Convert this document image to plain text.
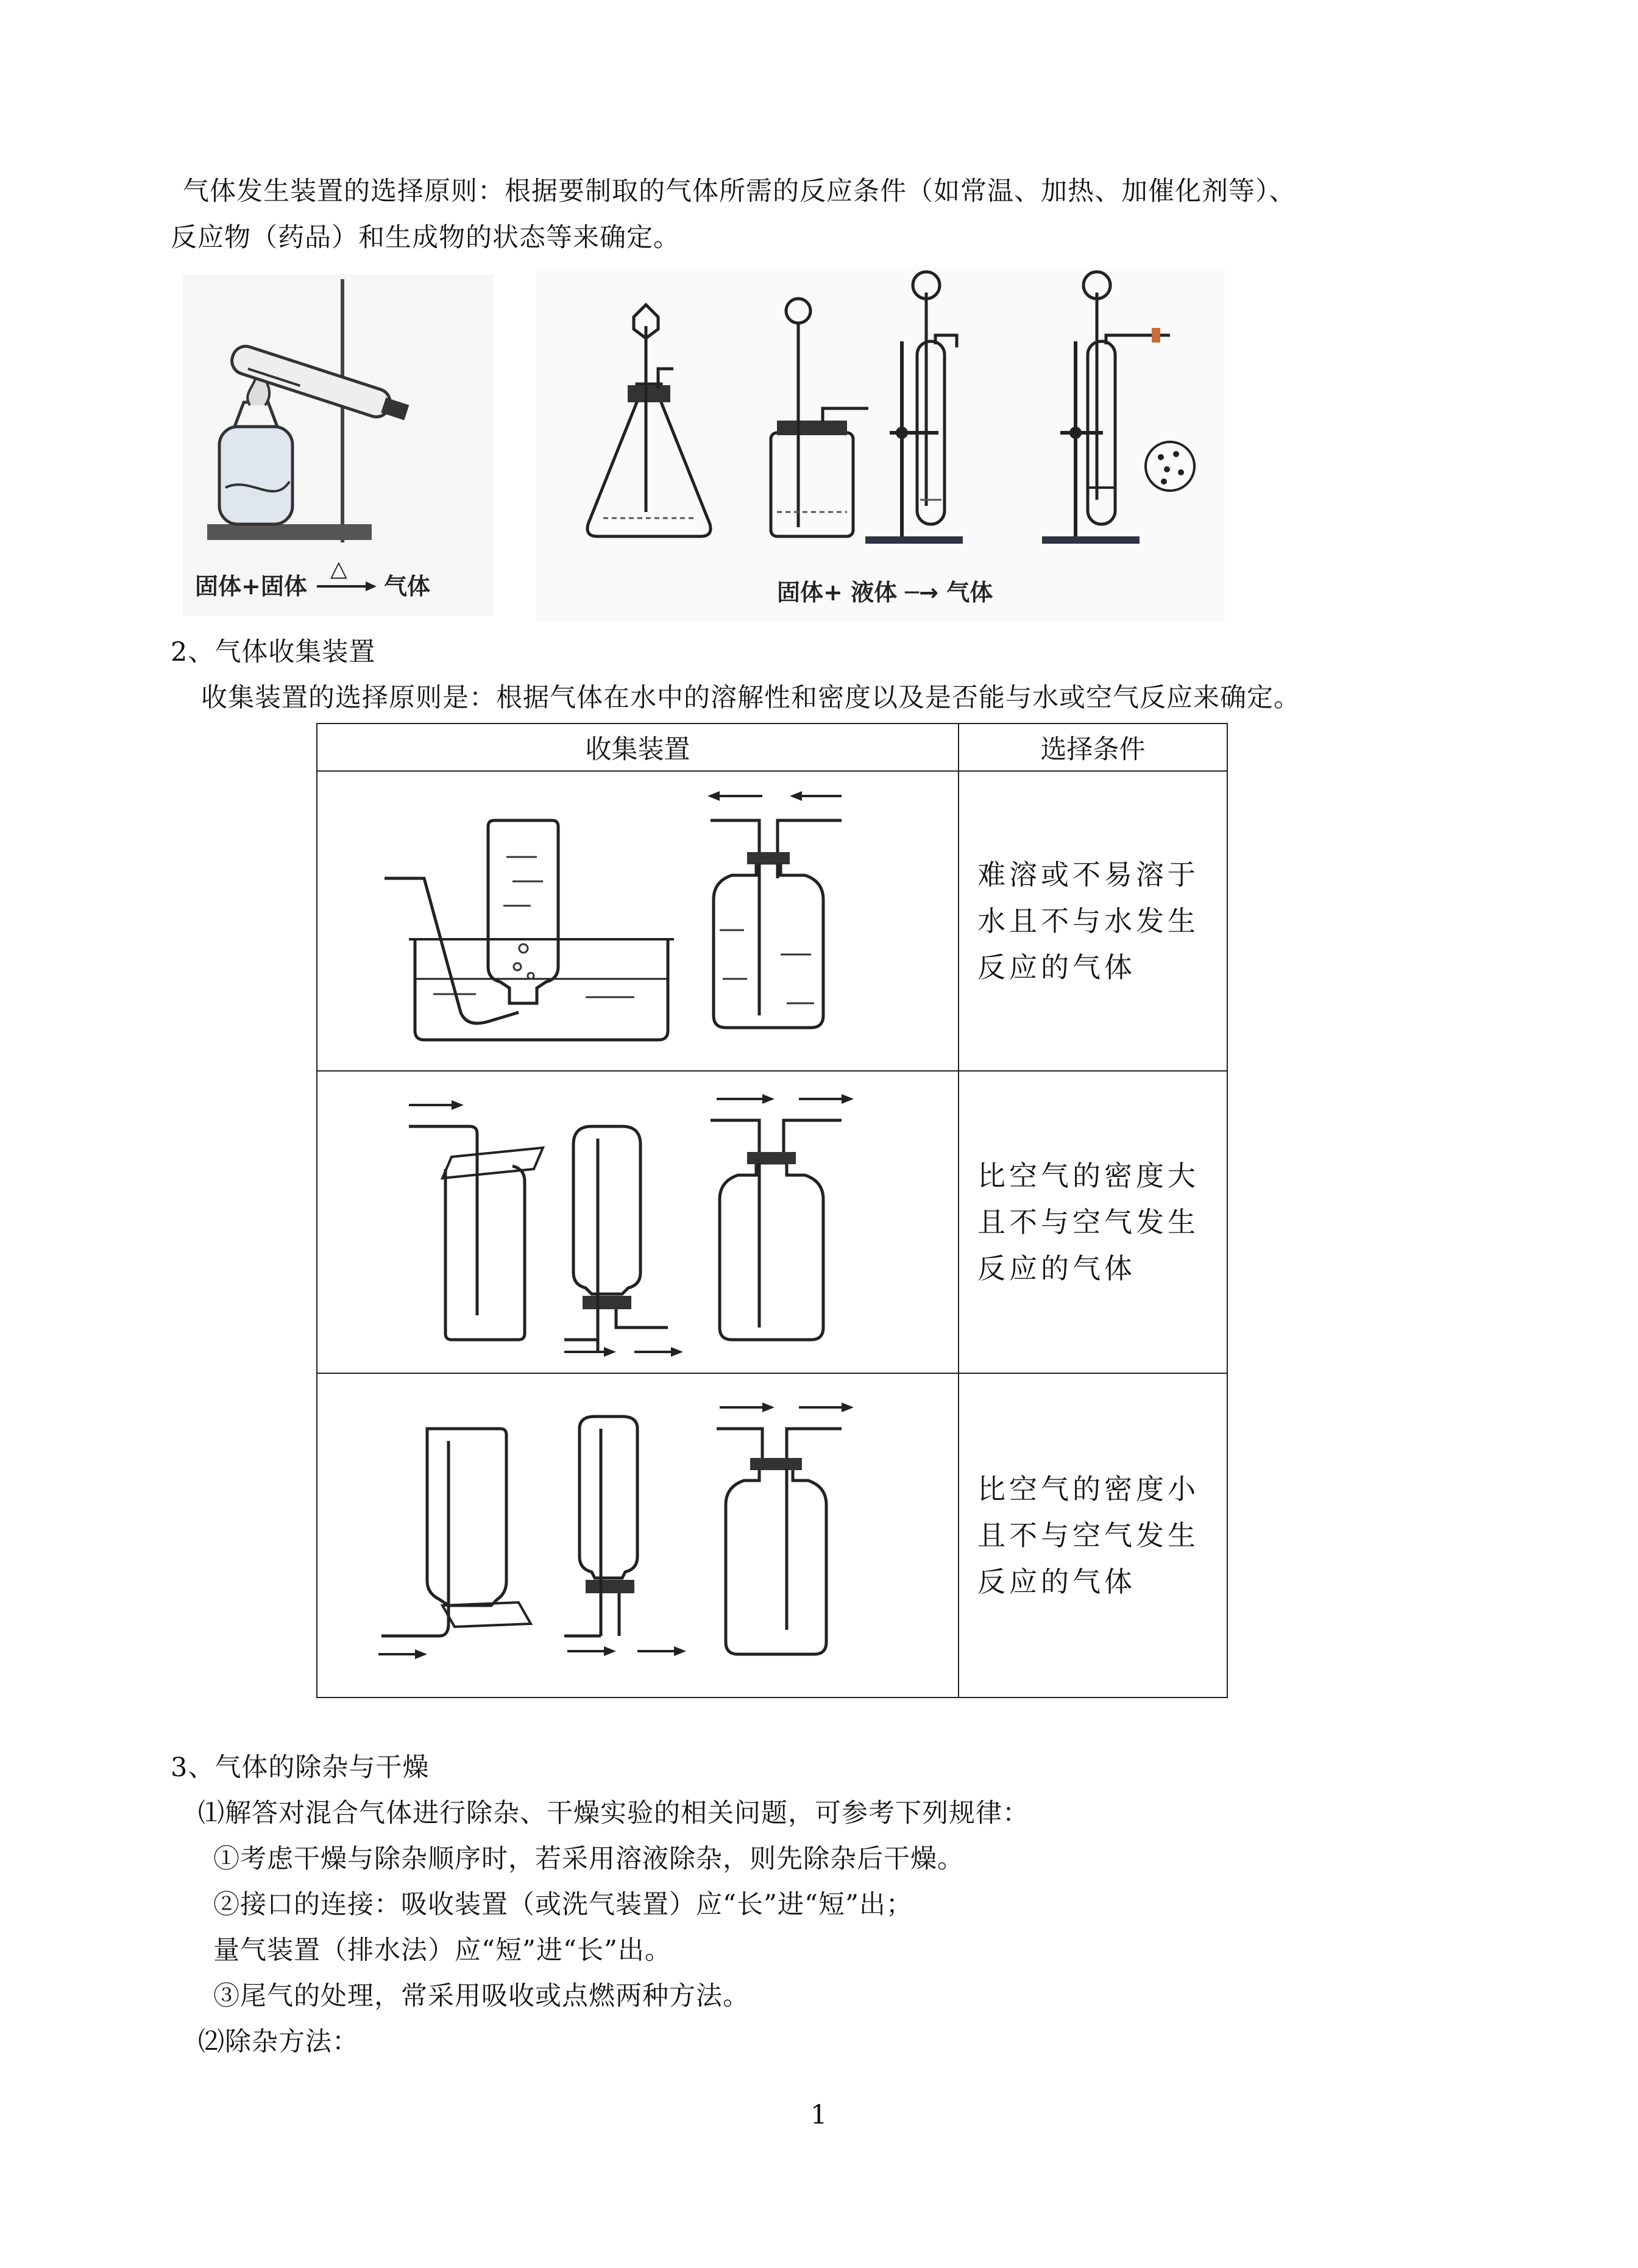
气体发生装置的选择原则：根据要制取的气体所需的反应条件（如常温、加热、加催化剂等）、
反应物（药品）和生成物的状态等来确定。
固体+固体
△
气体	固体+ 液体 ─→ 气体
2、气体收集装置
收集装置的选择原则是：根据气体在水中的溶解性和密度以及是否能与水或空气反应来确定。
收集装置	选择条件

难溶或不易溶于
水且不与水发生
反应的气体

比空气的密度大
且不与空气发生
反应的气体

比空气的密度小
且不与空气发生
反应的气体
3、气体的除杂与干燥
⑴解答对混合气体进行除杂、干燥实验的相关问题，可参考下列规律：
①考虑干燥与除杂顺序时，若采用溶液除杂，则先除杂后干燥。
②接口的连接：吸收装置（或洗气装置）应“长”进“短”出；
量气装置（排水法）应“短”进“长”出。
③尾气的处理，常采用吸收或点燃两种方法。
⑵除杂方法：
1
